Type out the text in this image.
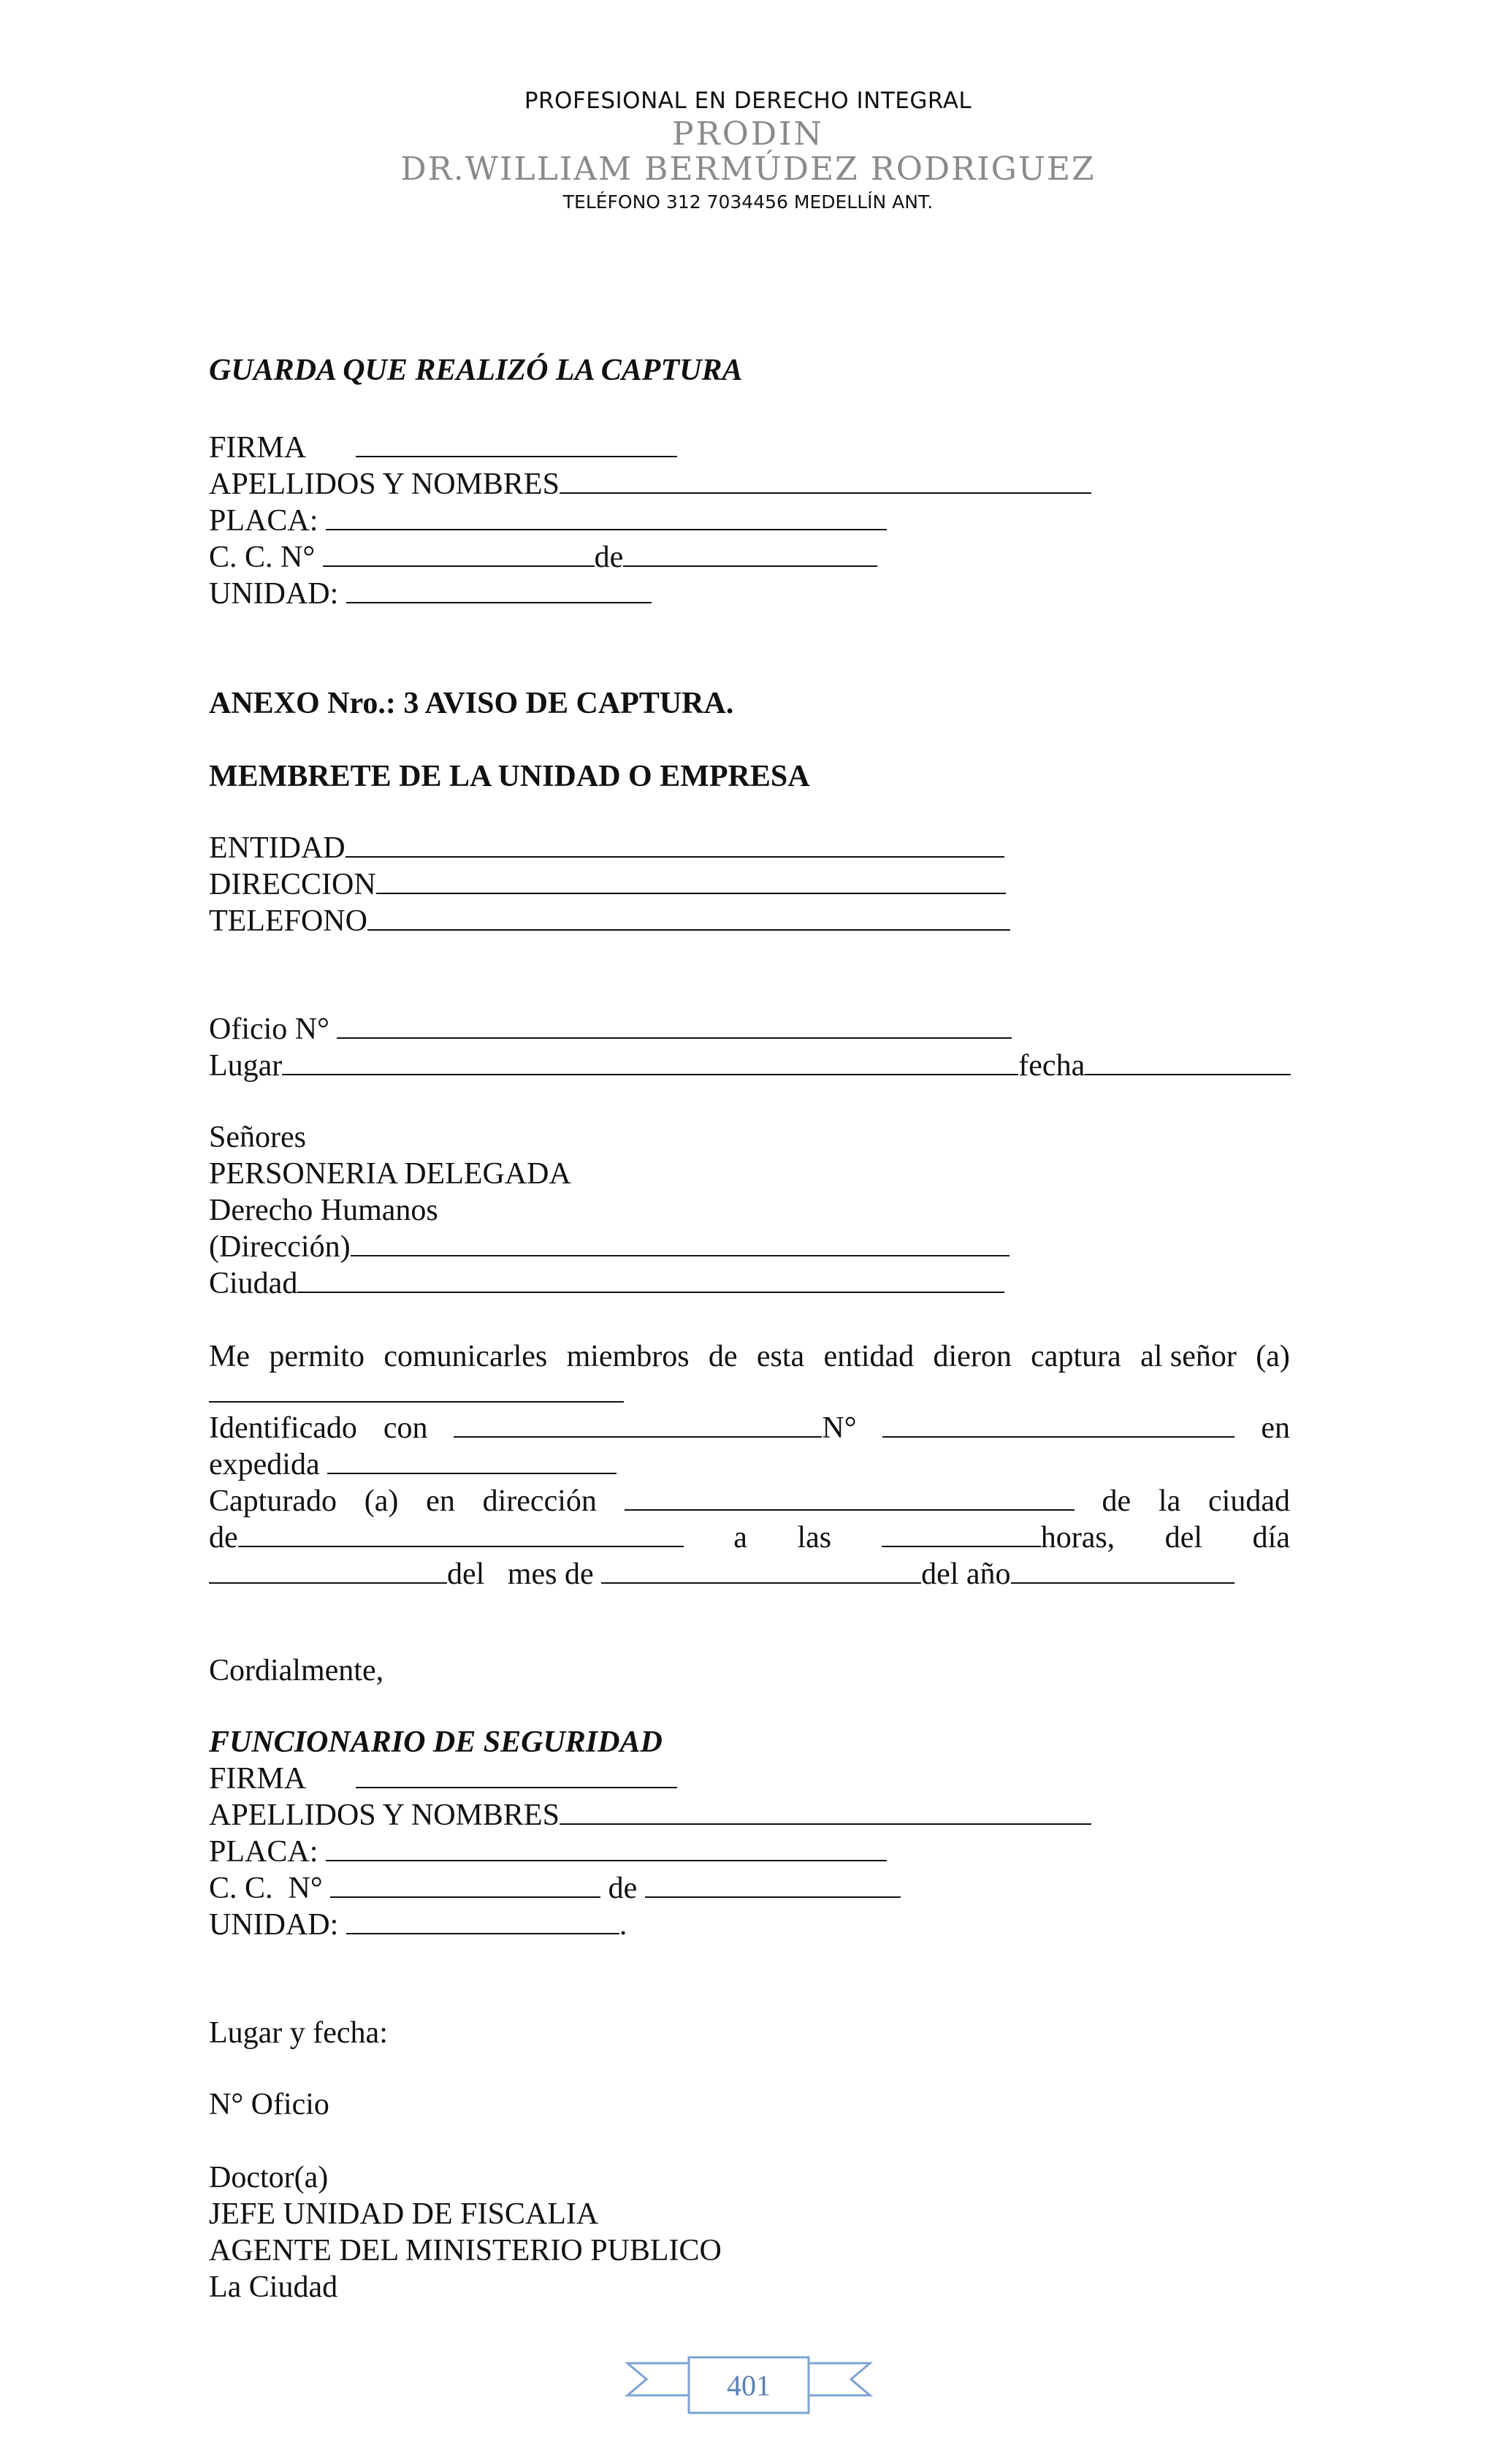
PROFESIONAL EN DERECHO INTEGRAL
PRODIN
DR.WILLIAM BERMÚDEZ RODRIGUEZ
TELÉFONO 312 7034456 MEDELLÍN ANT.
GUARDA QUE REALIZÓ LA CAPTURA
FIRMA
APELLIDOS Y NOMBRES
PLACA:
C. C. N°	de
UNIDAD:
ANEXO Nro.: 3 AVISO DE CAPTURA.
MEMBRETE DE LA UNIDAD O EMPRESA
ENTIDAD
DIRECCION
TELEFONO
Oficio N°
Lugar	fecha
Señores
PERSONERIA DELEGADA
Derecho Humanos
(Dirección)
Ciudad
Me permito comunicarles miembros de esta entidad dieron captura al señor (a)
Identificado con	N°	en
expedida
Capturado (a) en dirección	de la ciudad
de	a las	horas, del día
del   mes de	del año
Cordialmente,
FUNCIONARIO DE SEGURIDAD
FIRMA
APELLIDOS Y NOMBRES
PLACA:
C. C.  N°	de
UNIDAD:	.
Lugar y fecha:
N° Oficio
Doctor(a)
JEFE UNIDAD DE FISCALIA
AGENTE DEL MINISTERIO PUBLICO
La Ciudad
401
